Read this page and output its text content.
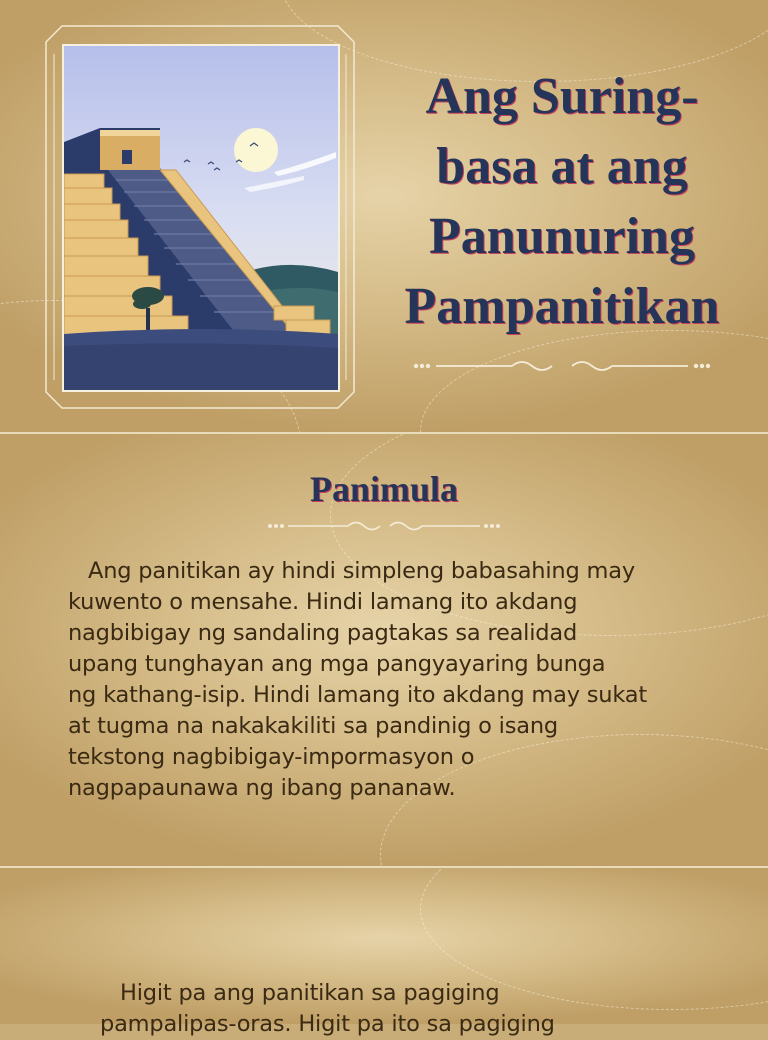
Ang Suring-
basa at ang
Panunuring
Pampanitikan
Panimula

Ang panitikan ay hindi simpleng babasahing may
kuwento o mensahe. Hindi lamang ito akdang
nagbibigay ng sandaling pagtakas sa realidad
upang tunghayan ang mga pangyayaring bunga
ng kathang-isip. Hindi lamang ito akdang may sukat
at tugma na nakakakiliti sa pandinig o isang
tekstong nagbibigay-impormasyon o
nagpapaunawa ng ibang pananaw.

Higit pa ang panitikan sa pagiging
pampalipas-oras. Higit pa ito sa pagiging
